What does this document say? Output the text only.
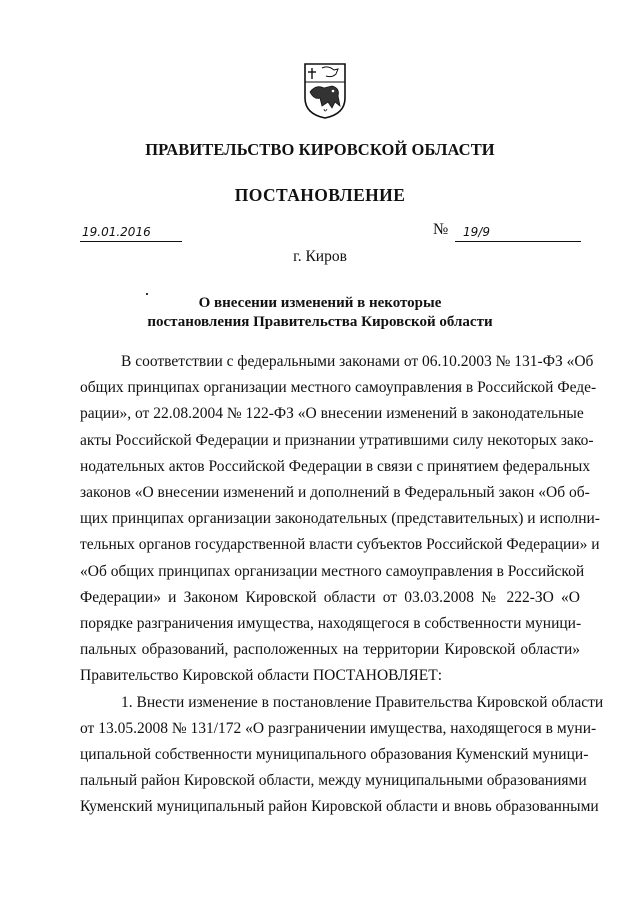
ПРАВИТЕЛЬСТВО КИРОВСКОЙ ОБЛАСТИ
ПОСТАНОВЛЕНИЕ
19.01.2016	№	19/9
г. Киров
О внесении изменений в некоторые
постановления Правительства Кировской области
В соответствии с федеральными законами от 06.10.2003 № 131-ФЗ «Об
общих принципах организации местного самоуправления в Российской Феде-
рации», от 22.08.2004 № 122-ФЗ «О внесении изменений в законодательные
акты Российской Федерации и признании утратившими силу некоторых зако-
нодательных актов Российской Федерации в связи с принятием федеральных
законов «О внесении изменений и дополнений в Федеральный закон «Об об-
щих принципах организации законодательных (представительных) и исполни-
тельных органов государственной власти субъектов Российской Федерации» и
«Об общих принципах организации местного самоуправления в Российской
Федерации» и Законом Кировской области от 03.03.2008 № 222-ЗО «О
порядке разграничения имущества, находящегося в собственности муници-
пальных образований, расположенных на территории Кировской области»
Правительство Кировской области ПОСТАНОВЛЯЕТ:
1. Внести изменение в постановление Правительства Кировской области
от 13.05.2008 № 131/172 «О разграничении имущества, находящегося в муни-
ципальной собственности муниципального образования Куменский муници-
пальный район Кировской области, между муниципальными образованиями
Куменский муниципальный район Кировской области и вновь образованными
